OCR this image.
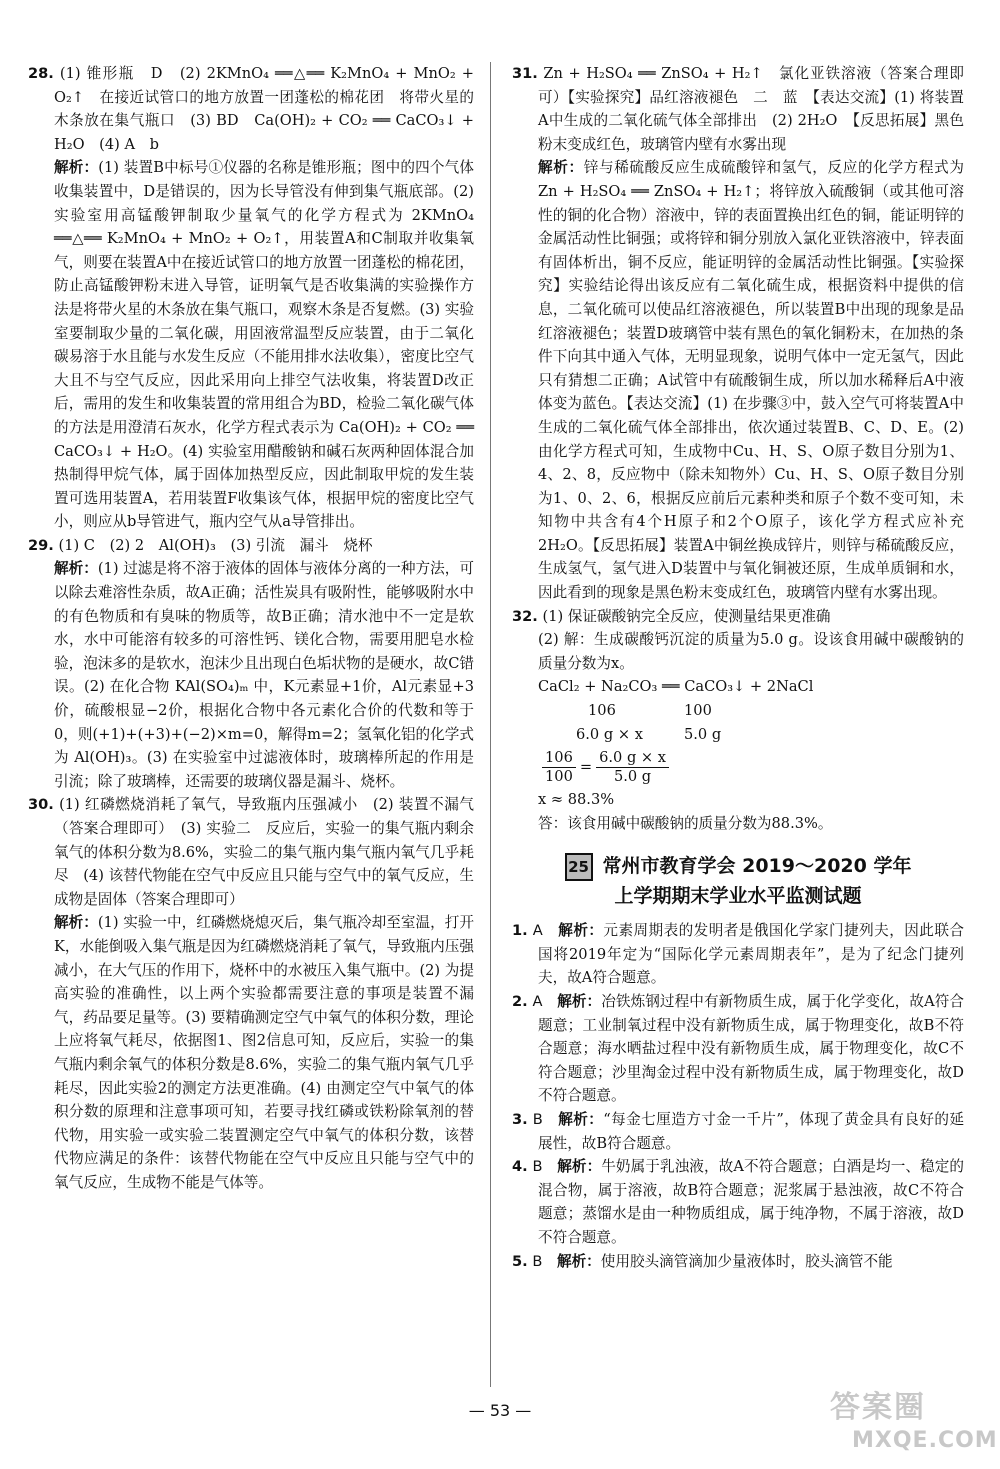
28. (1) 锥形瓶　D　(2) 2KMnO₄ ══△══ K₂MnO₄ + MnO₂ + O₂↑　在接近试管口的地方放置一团蓬松的棉花团　将带火星的木条放在集气瓶口　(3) BD　Ca(OH)₂ + CO₂ ══ CaCO₃↓ + H₂O　(4) A　b

解析：(1) 装置B中标号①仪器的名称是锥形瓶；图中的四个气体收集装置中，D是错误的，因为长导管没有伸到集气瓶底部。(2) 实验室用高锰酸钾制取少量氧气的化学方程式为 2KMnO₄ ══△══ K₂MnO₄ + MnO₂ + O₂↑，用装置A和C制取并收集氧气，则要在装置A中在接近试管口的地方放置一团蓬松的棉花团，防止高锰酸钾粉末进入导管，证明氧气是否收集满的实验操作方法是将带火星的木条放在集气瓶口，观察木条是否复燃。(3) 实验室要制取少量的二氧化碳，用固液常温型反应装置，由于二氧化碳易溶于水且能与水发生反应（不能用排水法收集），密度比空气大且不与空气反应，因此采用向上排空气法收集，将装置D改正后，需用的发生和收集装置的常用组合为BD，检验二氧化碳气体的方法是用澄清石灰水，化学方程式表示为 Ca(OH)₂ + CO₂ ══ CaCO₃↓ + H₂O。(4) 实验室用醋酸钠和碱石灰两种固体混合加热制得甲烷气体，属于固体加热型反应，因此制取甲烷的发生装置可选用装置A，若用装置F收集该气体，根据甲烷的密度比空气小，则应从b导管进气，瓶内空气从a导管排出。

29. (1) C　(2) 2　Al(OH)₃　(3) 引流　漏斗　烧杯

解析：(1) 过滤是将不溶于液体的固体与液体分离的一种方法，可以除去难溶性杂质，故A正确；活性炭具有吸附性，能够吸附水中的有色物质和有臭味的物质等，故B正确；清水池中不一定是软水，水中可能溶有较多的可溶性钙、镁化合物，需要用肥皂水检验，泡沫多的是软水，泡沫少且出现白色垢状物的是硬水，故C错误。(2) 在化合物 KAl(SO₄)ₘ 中，K元素显+1价，Al元素显+3价，硫酸根显−2价，根据化合物中各元素化合价的代数和等于0，则(+1)+(+3)+(−2)×m=0，解得m=2；氢氧化铝的化学式为 Al(OH)₃。(3) 在实验室中过滤液体时，玻璃棒所起的作用是引流；除了玻璃棒，还需要的玻璃仪器是漏斗、烧杯。

30. (1) 红磷燃烧消耗了氧气，导致瓶内压强减小　(2) 装置不漏气（答案合理即可）　(3) 实验二　反应后，实验一的集气瓶内剩余氧气的体积分数为8.6%，实验二的集气瓶内集气瓶内氧气几乎耗尽　(4) 该替代物能在空气中反应且只能与空气中的氧气反应，生成物是固体（答案合理即可）

解析：(1) 实验一中，红磷燃烧熄灭后，集气瓶冷却至室温，打开K，水能倒吸入集气瓶是因为红磷燃烧消耗了氧气，导致瓶内压强减小，在大气压的作用下，烧杯中的水被压入集气瓶中。(2) 为提高实验的准确性，以上两个实验都需要注意的事项是装置不漏气，药品要足量等。(3) 要精确测定空气中氧气的体积分数，理论上应将氧气耗尽，依据图1、图2信息可知，反应后，实验一的集气瓶内剩余氧气的体积分数是8.6%，实验二的集气瓶内氧气几乎耗尽，因此实验2的测定方法更准确。(4) 由测定空气中氧气的体积分数的原理和注意事项可知，若要寻找红磷或铁粉除氧剂的替代物，用实验一或实验二装置测定空气中氧气的体积分数，该替代物应满足的条件：该替代物能在空气中反应且只能与空气中的氧气反应，生成物不能是气体等。

31. Zn + H₂SO₄ ══ ZnSO₄ + H₂↑　氯化亚铁溶液（答案合理即可）【实验探究】品红溶液褪色　二　蓝　【表达交流】(1) 将装置A中生成的二氧化硫气体全部排出　(2) 2H₂O　【反思拓展】黑色粉末变成红色，玻璃管内壁有水雾出现

解析：锌与稀硫酸反应生成硫酸锌和氢气，反应的化学方程式为 Zn + H₂SO₄ ══ ZnSO₄ + H₂↑；将锌放入硫酸铜（或其他可溶性的铜的化合物）溶液中，锌的表面置换出红色的铜，能证明锌的金属活动性比铜强；或将锌和铜分别放入氯化亚铁溶液中，锌表面有固体析出，铜不反应，能证明锌的金属活动性比铜强。【实验探究】实验结论得出该反应有二氧化硫生成，根据资料中提供的信息，二氧化硫可以使品红溶液褪色，所以装置B中出现的现象是品红溶液褪色；装置D玻璃管中装有黑色的氧化铜粉末，在加热的条件下向其中通入气体，无明显现象，说明气体中一定无氢气，因此只有猜想二正确；A试管中有硫酸铜生成，所以加水稀释后A中液体变为蓝色。【表达交流】(1) 在步骤③中，鼓入空气可将装置A中生成的二氧化硫气体全部排出，依次通过装置B、C、D、E。(2) 由化学方程式可知，生成物中Cu、H、S、O原子数目分别为1、4、2、8，反应物中（除未知物外）Cu、H、S、O原子数目分别为1、0、2、6，根据反应前后元素种类和原子个数不变可知，未知物中共含有4个H原子和2个O原子，该化学方程式应补充2H₂O。【反思拓展】装置A中铜丝换成锌片，则锌与稀硫酸反应，生成氢气，氢气进入D装置中与氧化铜被还原，生成单质铜和水，因此看到的现象是黑色粉末变成红色，玻璃管内壁有水雾出现。

32. (1) 保证碳酸钠完全反应，使测量结果更准确

(2) 解：生成碳酸钙沉淀的质量为5.0 g。设该食用碱中碳酸钠的质量分数为x。

CaCl₂ + Na₂CO₃ ══ CaCO₃↓ + 2NaCl

106	100
6.0 g × x	5.0 g
$\frac{106}{100} = \frac{6.0 g \times x}{5.0 g}$

x ≈ 88.3%

答：该食用碱中碳酸钠的质量分数为88.3%。

25 常州市教育学会 2019～2020 学年
上学期期末学业水平监测试题

1. A　 解析：元素周期表的发明者是俄国化学家门捷列夫，因此联合国将2019年定为“国际化学元素周期表年”，是为了纪念门捷列夫，故A符合题意。

2. A　 解析：冶铁炼钢过程中有新物质生成，属于化学变化，故A符合题意；工业制氧过程中没有新物质生成，属于物理变化，故B不符合题意；海水晒盐过程中没有新物质生成，属于物理变化，故C不符合题意；沙里淘金过程中没有新物质生成，属于物理变化，故D不符合题意。

3. B　 解析：“每金七厘造方寸金一千片”，体现了黄金具有良好的延展性，故B符合题意。

4. B　 解析：牛奶属于乳浊液，故A不符合题意；白酒是均一、稳定的混合物，属于溶液，故B符合题意；泥浆属于悬浊液，故C不符合题意；蒸馏水是由一种物质组成，属于纯净物，不属于溶液，故D不符合题意。

5. B　 解析：使用胶头滴管滴加少量液体时，胶头滴管不能

— 53 —	答案圈
MXQE.COM
